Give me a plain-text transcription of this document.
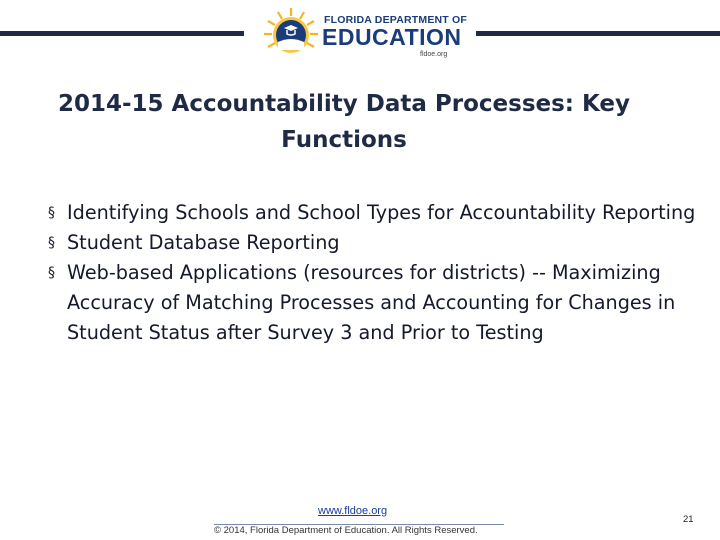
FLORIDA DEPARTMENT OF
EDUCATION
fldoe.org
2014-15 Accountability Data Processes: Key Functions
§ Identifying Schools and School Types for Accountability Reporting
§ Student Database Reporting
§ Web-based Applications (resources for districts) -- Maximizing Accuracy of Matching Processes and Accounting for Changes in Student Status after Survey 3 and Prior to Testing
www.fldoe.org
© 2014, Florida Department of Education. All Rights Reserved.
21
